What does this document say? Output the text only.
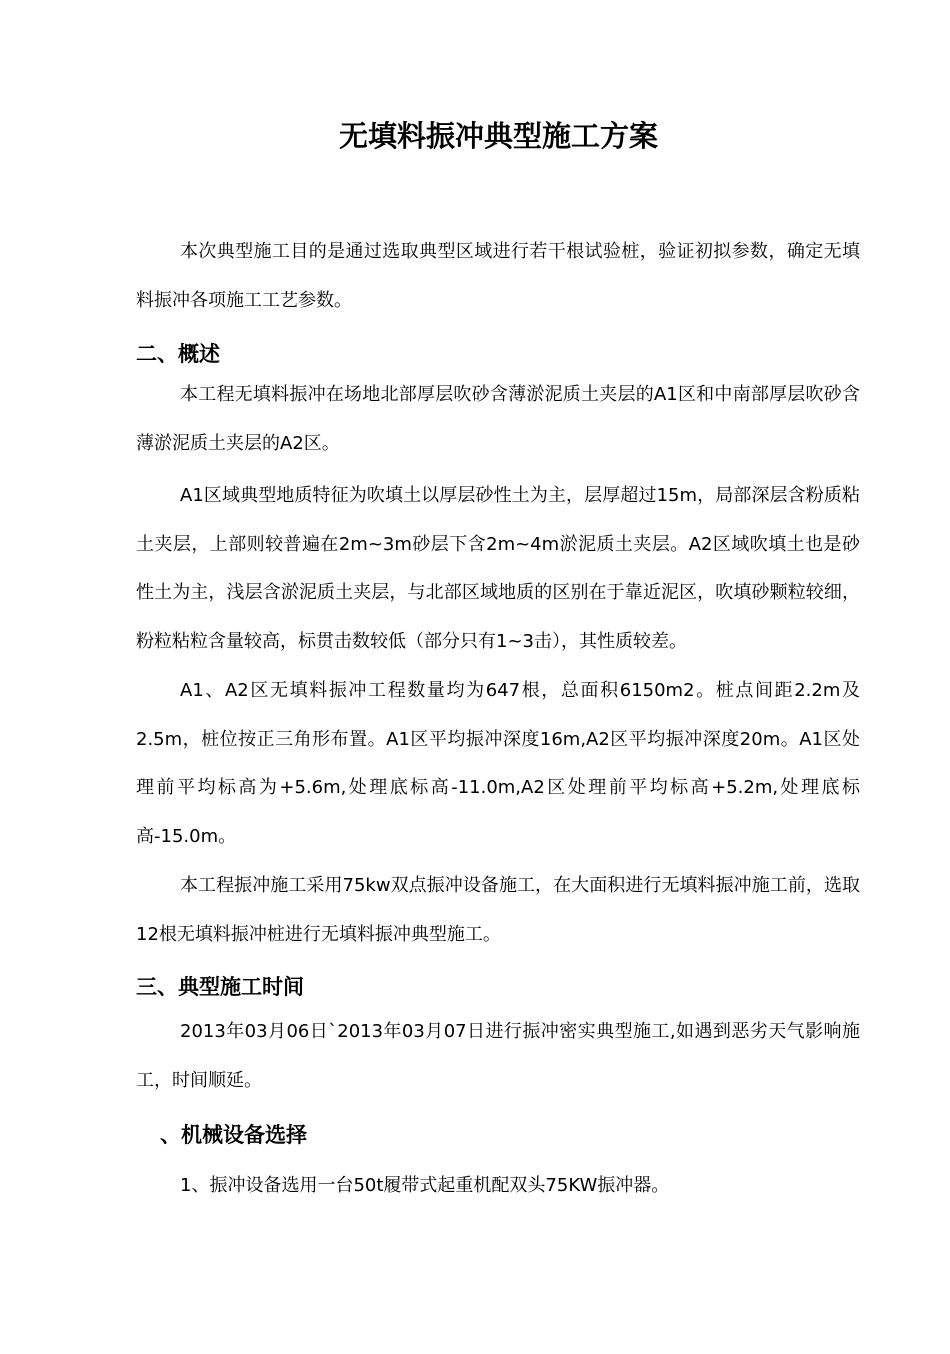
无填料振冲典型施工方案

本次典型施工目的是通过选取典型区域进行若干根试验桩，验证初拟参数，确定无填料振冲各项施工工艺参数。

二、概述

本工程无填料振冲在场地北部厚层吹砂含薄淤泥质土夹层的A1区和中南部厚层吹砂含薄淤泥质土夹层的A2区。

A1区域典型地质特征为吹填土以厚层砂性土为主，层厚超过15m，局部深层含粉质粘土夹层，上部则较普遍在2m~3m砂层下含2m~4m淤泥质土夹层。A2区域吹填土也是砂性土为主，浅层含淤泥质土夹层，与北部区域地质的区别在于靠近泥区，吹填砂颗粒较细，粉粒粘粒含量较高，标贯击数较低（部分只有1~3击），其性质较差。

A1、A2区无填料振冲工程数量均为647根，总面积6150m2。桩点间距2.2m及2.5m，桩位按正三角形布置。A1区平均振冲深度16m,A2区平均振冲深度20m。A1区处理前平均标高为+5.6m,处理底标高-11.0m,A2区处理前平均标高+5.2m,处理底标高-15.0m。

本工程振冲施工采用75kw双点振冲设备施工，在大面积进行无填料振冲施工前，选取12根无填料振冲桩进行无填料振冲典型施工。

三、典型施工时间

2013年03月06日`2013年03月07日进行振冲密实典型施工,如遇到恶劣天气影响施工，时间顺延。

、机械设备选择

1、振冲设备选用一台50t履带式起重机配双头75KW振冲器。
